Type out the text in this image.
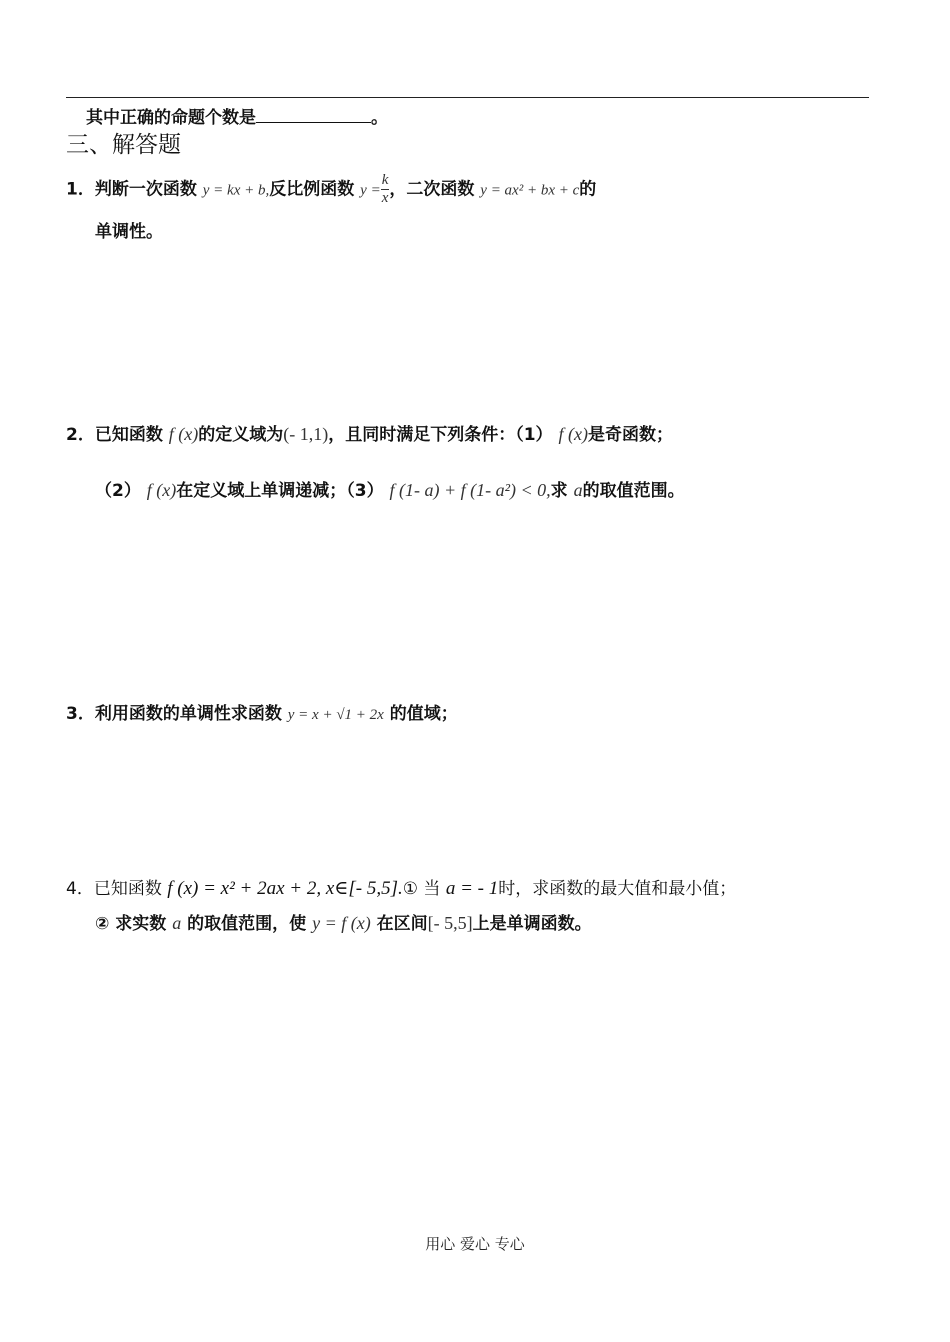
其中正确的命题个数是	。
三、解答题
1．判断一次函数 y = kx + b,反比例函数 $y = \frac{k}{x}$ ，二次函数 y = ax² + bx + c的
单调性。
2．已知函数 f (x)的定义域为(- 1,1)，且同时满足下列条件：（1） f (x)是奇函数；
（2） f (x)在定义域上单调递减；（3） f (1- a) + f (1- a²) < 0,求 a的取值范围。
3．利用函数的单调性求函数 y = x + √1 + 2x 的值域；
4．已知函数 f (x) = x² + 2ax + 2, x∈[- 5,5].① 当 a = - 1时，求函数的最大值和最小值；
② 求实数 a 的取值范围，使 y = f (x) 在区间[- 5,5]上是单调函数。
用心 爱心 专心
